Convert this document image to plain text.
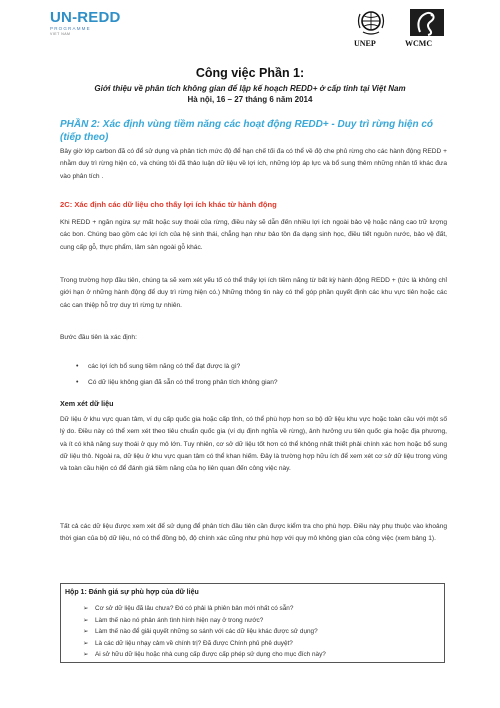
UN-REDD
PROGRAMME
VIET NAM
UNEP	WCMC
Công việc Phần 1:
Giới thiệu về phân tích không gian để lập kế hoạch REDD+ ở cấp tỉnh tại Việt Nam
Hà nội, 16 – 27 tháng 6 năm 2014
PHẦN 2: Xác định vùng tiềm năng các hoạt động REDD+ - Duy trì rừng hiện có (tiếp theo)
Bây giờ lớp carbon đã có để sử dụng và phân tích mức độ để hạn chế tối đa có thể về độ che phủ rừng cho các hành động REDD + nhằm duy trì rừng hiện có, và chúng tôi đã thảo luận dữ liệu về lợi ích, những lớp áp lực và bổ sung thêm những nhân tố khác đưa vào phân tích .
2C: Xác định các dữ liệu cho thấy lợi ích khác từ hành động
Khi REDD + ngăn ngừa sự mất hoặc suy thoái của rừng, điều này sẽ dẫn đến nhiều lợi ích ngoài bảo vệ hoặc nâng cao trữ lượng các bon. Chúng bao gồm các lợi ích của hệ sinh thái, chẳng hạn như bảo tồn đa dạng sinh học, điều tiết nguồn nước, bảo vệ đất, cung cấp gỗ, thực phẩm, lâm sản ngoài gỗ khác.
Trong trường hợp đầu tiên, chúng ta sẽ xem xét yếu tố có thể thấy lợi ích tiềm năng từ bất kỳ hành động REDD + (tức là không chỉ giới hạn ở những hành động để duy trì rừng hiện có.) Những thông tin này có thể góp phần quyết định các khu vực tiên hoặc các các can thiệp hỗ trợ duy trì rừng tự nhiên.
Bước đầu tiên là xác định:
• các lợi ích bổ sung tiềm năng có thể đạt được là gì?
• Có dữ liệu không gian đã sẵn có thể trong phân tích không gian?
Xem xét dữ liệu
Dữ liệu ở khu vực quan tâm, ví dụ cấp quốc gia hoặc cấp tỉnh, có thể phù hợp hơn so bộ dữ liệu khu vực hoặc toàn cầu với một số lý do. Điều này có thể xem xét theo tiêu chuẩn quốc gia (ví dụ định nghĩa về rừng), ảnh hưởng ưu tiên quốc gia hoặc địa phương, và ít có khả năng suy thoái ở quy mô lớn. Tuy nhiên, cơ sở dữ liệu tốt hơn có thể không nhất thiết phải chính xác hơn hoặc bổ sung dữ liệu thô. Ngoài ra, dữ liệu ở khu vực quan tâm có thể khan hiếm. Đây là trường hợp hữu ích để xem xét cơ sở dữ liệu trong vùng và toàn cầu hiện có để đánh giá tiềm năng của họ liên quan đến công việc này.
Tất cả các dữ liệu được xem xét để sử dụng để phân tích đầu tiên cần được kiểm tra cho phù hợp. Điều này phụ thuộc vào khoảng thời gian của bộ dữ liệu, nó có thể đồng bộ, độ chính xác cũng như phù hợp với quy mô không gian của công việc (xem bảng 1).
Hộp 1: Đánh giá sự phù hợp của dữ liệu
➢ Cơ sở dữ liệu đã lâu chưa? Đó có phải là phiên bản mới nhất có sẵn?
➢ Làm thế nào nó phản ánh tình hình hiện nay ở trong nước?
➢ Làm thế nào để giải quyết những so sánh với các dữ liệu khác được sử dụng?
➢ Là các dữ liệu nhạy cảm về chính trị? Đã được Chính phủ phê duyệt?
➢ Ai sở hữu dữ liệu hoặc nhà cung cấp được cấp phép sử dụng cho mục đích này?
